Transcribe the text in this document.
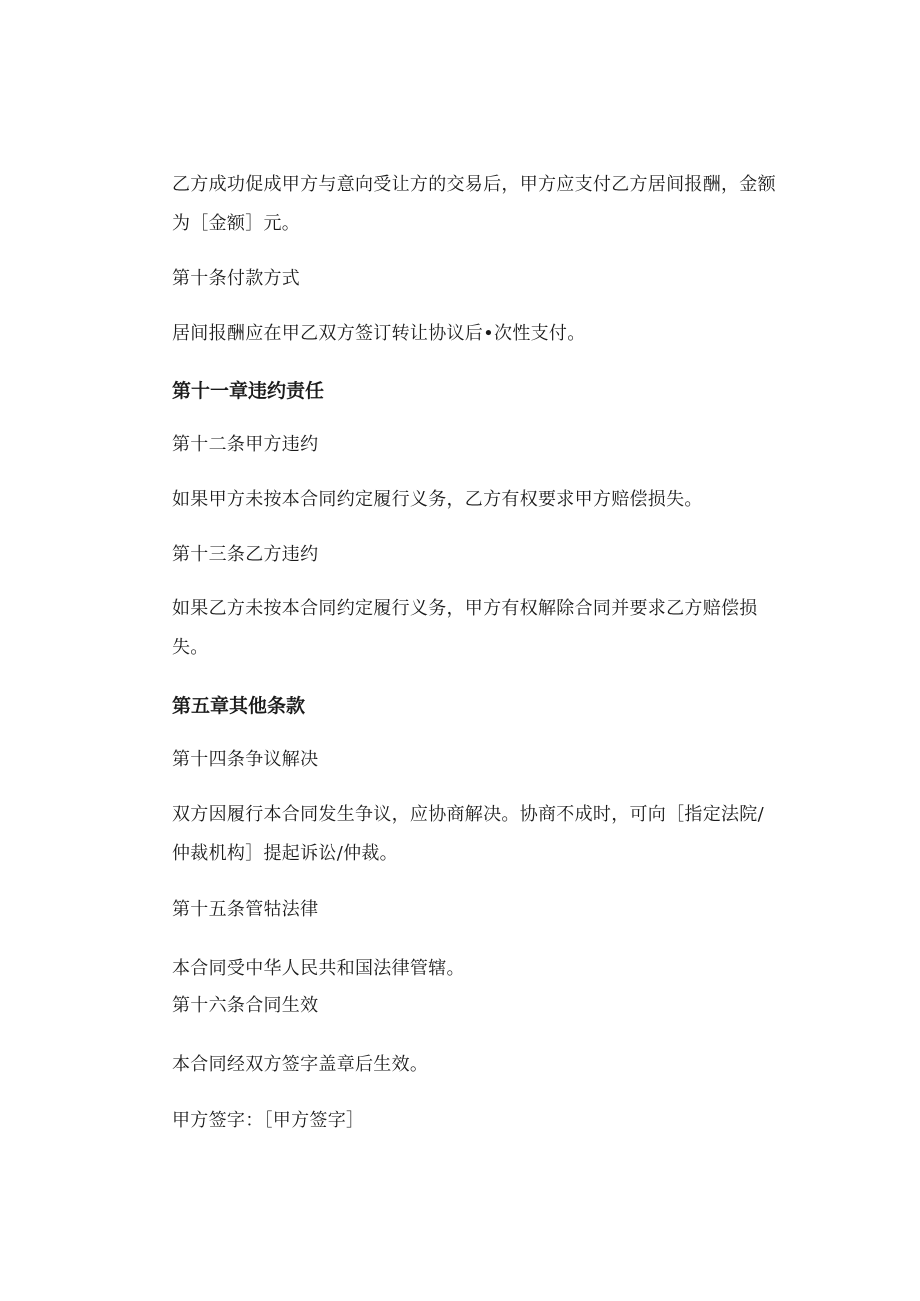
乙方成功促成甲方与意向受让方的交易后，甲方应支付乙方居间报酬，金额
为［金额］元。
第十条付款方式
居间报酬应在甲乙双方签订转让协议后•次性支付。
第十一章违约责任
第十二条甲方违约
如果甲方未按本合同约定履行义务，乙方有权要求甲方赔偿损失。
第十三条乙方违约
如果乙方未按本合同约定履行义务，甲方有权解除合同并要求乙方赔偿损
失。
第五章其他条款
第十四条争议解决
双方因履行本合同发生争议，应协商解决。协商不成时，可向［指定法院/
仲裁机构］提起诉讼/仲裁。
第十五条管牯法律
本合同受中华人民共和国法律管辖。
第十六条合同生效
本合同经双方签字盖章后生效。
甲方签字：［甲方签字］
